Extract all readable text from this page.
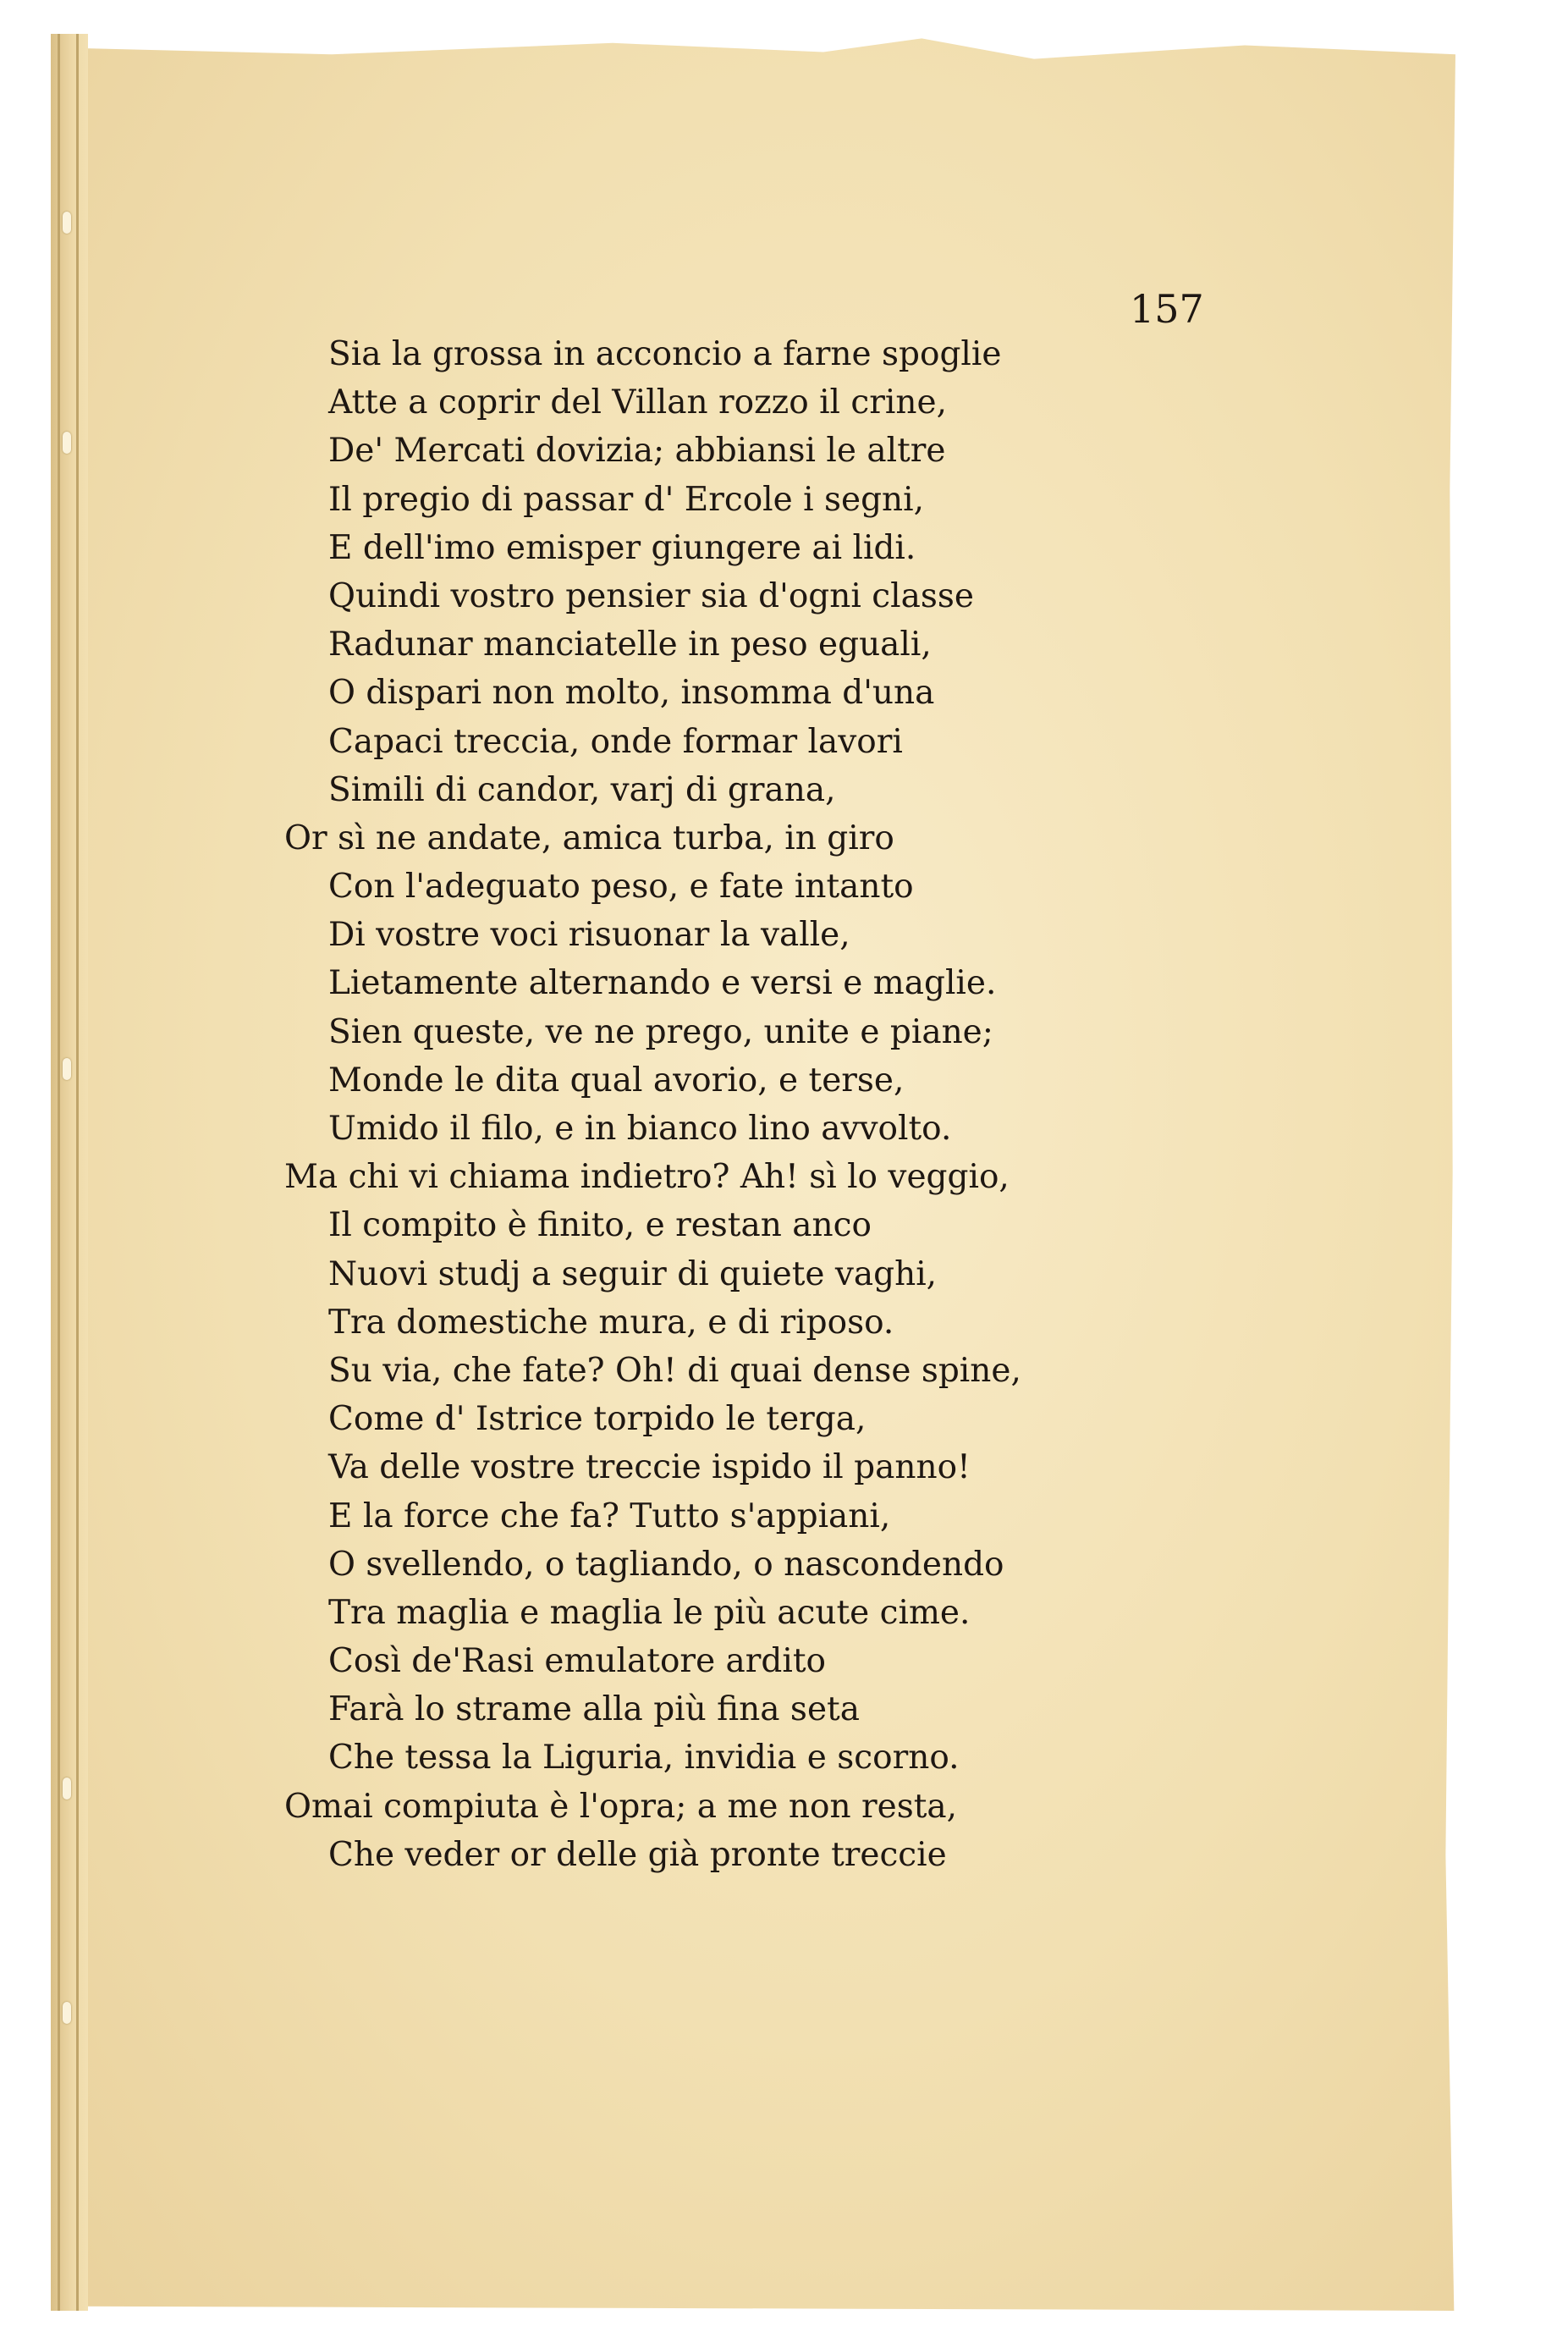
157

Sia la grossa in acconcio a farne spoglie
Atte a coprir del Villan rozzo il crine,
De' Mercati dovizia; abbiansi le altre
Il pregio di passar d' Ercole i segni,
E dell'imo emisper giungere ai lidi.
Quindi vostro pensier sia d'ogni classe
Radunar manciatelle in peso eguali,
O dispari non molto, insomma d'una
Capaci treccia, onde formar lavori
Simili di candor, varj di grana,
Or sì ne andate, amica turba, in giro
Con l'adeguato peso, e fate intanto
Di vostre voci risuonar la valle,
Lietamente alternando e versi e maglie.
Sien queste, ve ne prego, unite e piane;
Monde le dita qual avorio, e terse,
Umido il filo, e in bianco lino avvolto.
Ma chi vi chiama indietro? Ah! sì lo veggio,
Il compito è finito, e restan anco
Nuovi studj a seguir di quiete vaghi,
Tra domestiche mura, e di riposo.
Su via, che fate? Oh! di quai dense spine,
Come d' Istrice torpido le terga,
Va delle vostre treccie ispido il panno!
E la force che fa? Tutto s'appiani,
O svellendo, o tagliando, o nascondendo
Tra maglia e maglia le più acute cime.
Così de'Rasi emulatore ardito
Farà lo strame alla più fina seta
Che tessa la Liguria, invidia e scorno.
Omai compiuta è l'opra; a me non resta,
Che veder or delle già pronte treccie
